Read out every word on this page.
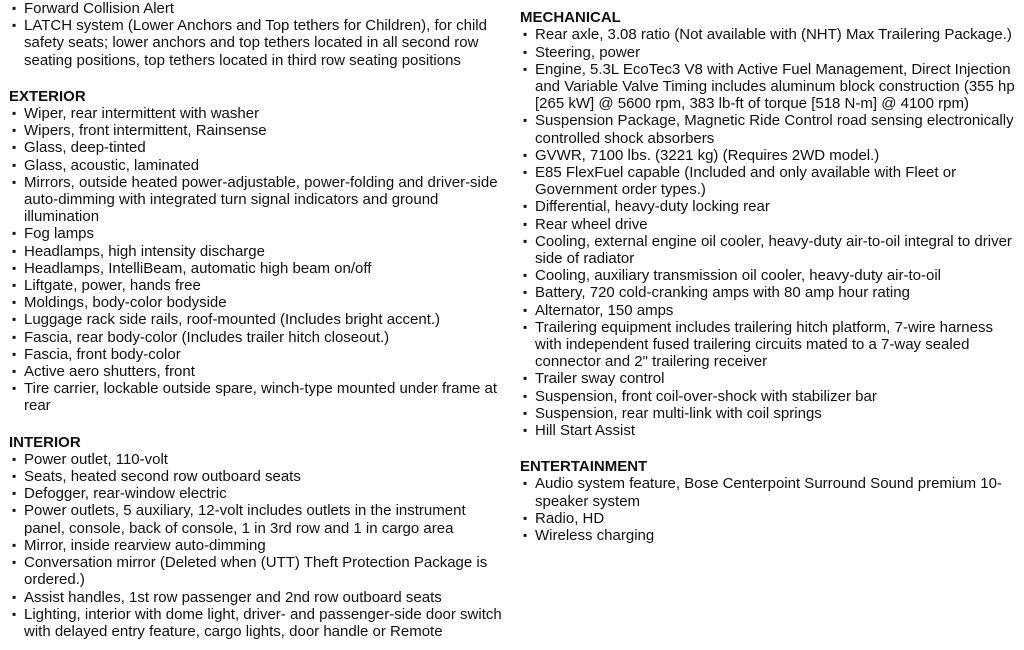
▪ Forward Collision Alert
▪ LATCH system (Lower Anchors and Top tethers for Children), for child safety seats; lower anchors and top tethers located in all second row seating positions, top tethers located in third row seating positions
EXTERIOR
▪ Wiper, rear intermittent with washer
▪ Wipers, front intermittent, Rainsense
▪ Glass, deep-tinted
▪ Glass, acoustic, laminated
▪ Mirrors, outside heated power-adjustable, power-folding and driver-side auto-dimming with integrated turn signal indicators and ground illumination
▪ Fog lamps
▪ Headlamps, high intensity discharge
▪ Headlamps, IntelliBeam, automatic high beam on/off
▪ Liftgate, power, hands free
▪ Moldings, body-color bodyside
▪ Luggage rack side rails, roof-mounted (Includes bright accent.)
▪ Fascia, rear body-color (Includes trailer hitch closeout.)
▪ Fascia, front body-color
▪ Active aero shutters, front
▪ Tire carrier, lockable outside spare, winch-type mounted under frame at rear
INTERIOR
▪ Power outlet, 110-volt
▪ Seats, heated second row outboard seats
▪ Defogger, rear-window electric
▪ Power outlets, 5 auxiliary, 12-volt includes outlets in the instrument panel, console, back of console, 1 in 3rd row and 1 in cargo area
▪ Mirror, inside rearview auto-dimming
▪ Conversation mirror (Deleted when (UTT) Theft Protection Package is ordered.)
▪ Assist handles, 1st row passenger and 2nd row outboard seats
▪ Lighting, interior with dome light, driver- and passenger-side door switch with delayed entry feature, cargo lights, door handle or Remote
MECHANICAL
▪ Rear axle, 3.08 ratio (Not available with (NHT) Max Trailering Package.)
▪ Steering, power
▪ Engine, 5.3L EcoTec3 V8 with Active Fuel Management, Direct Injection and Variable Valve Timing includes aluminum block construction (355 hp [265 kW] @ 5600 rpm, 383 lb-ft of torque [518 N-m] @ 4100 rpm)
▪ Suspension Package, Magnetic Ride Control road sensing electronically controlled shock absorbers
▪ GVWR, 7100 lbs. (3221 kg) (Requires 2WD model.)
▪ E85 FlexFuel capable (Included and only available with Fleet or Government order types.)
▪ Differential, heavy-duty locking rear
▪ Rear wheel drive
▪ Cooling, external engine oil cooler, heavy-duty air-to-oil integral to driver side of radiator
▪ Cooling, auxiliary transmission oil cooler, heavy-duty air-to-oil
▪ Battery, 720 cold-cranking amps with 80 amp hour rating
▪ Alternator, 150 amps
▪ Trailering equipment includes trailering hitch platform, 7-wire harness with independent fused trailering circuits mated to a 7-way sealed connector and 2" trailering receiver
▪ Trailer sway control
▪ Suspension, front coil-over-shock with stabilizer bar
▪ Suspension, rear multi-link with coil springs
▪ Hill Start Assist
ENTERTAINMENT
▪ Audio system feature, Bose Centerpoint Surround Sound premium 10-speaker system
▪ Radio, HD
▪ Wireless charging
